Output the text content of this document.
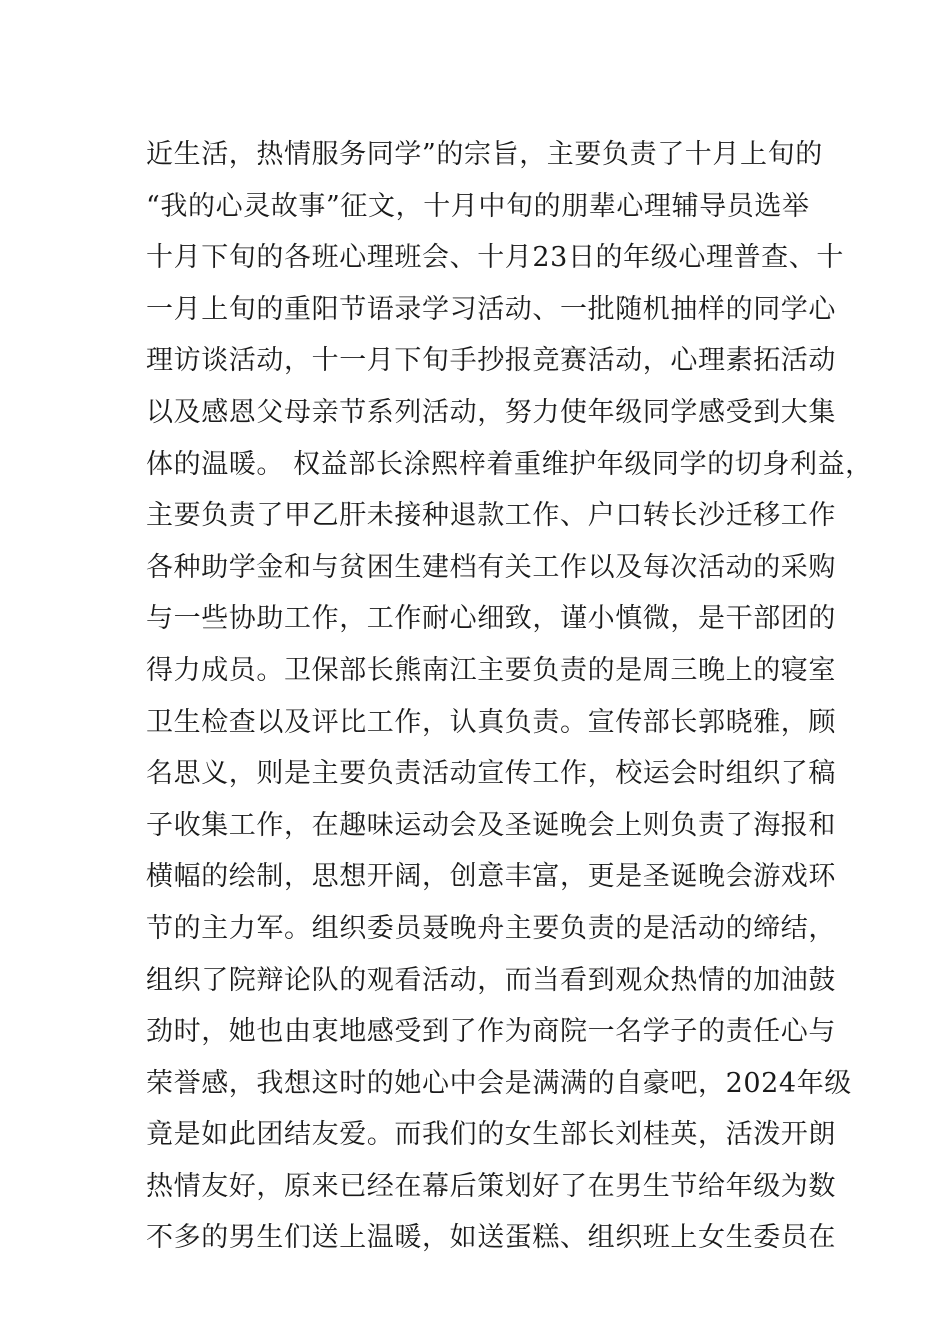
近生活，热情服务同学”的宗旨，主要负责了十月上旬的
“我的心灵故事”征文，十月中旬的朋辈心理辅导员选举
十月下旬的各班心理班会、十月23日的年级心理普查、十
一月上旬的重阳节语录学习活动、一批随机抽样的同学心
理访谈活动，十一月下旬手抄报竞赛活动，心理素拓活动
以及感恩父母亲节系列活动，努力使年级同学感受到大集
体的温暖。 权益部长涂熙梓着重维护年级同学的切身利益，
主要负责了甲乙肝未接种退款工作、户口转长沙迁移工作
各种助学金和与贫困生建档有关工作以及每次活动的采购
与一些协助工作，工作耐心细致，谨小慎微，是干部团的
得力成员。卫保部长熊南江主要负责的是周三晚上的寝室
卫生检查以及评比工作，认真负责。宣传部长郭晓雅，顾
名思义，则是主要负责活动宣传工作，校运会时组织了稿
子收集工作，在趣味运动会及圣诞晚会上则负责了海报和
横幅的绘制，思想开阔，创意丰富，更是圣诞晚会游戏环
节的主力军。组织委员聂晚舟主要负责的是活动的缔结，
组织了院辩论队的观看活动，而当看到观众热情的加油鼓
劲时，她也由衷地感受到了作为商院一名学子的责任心与
荣誉感，我想这时的她心中会是满满的自豪吧，2024年级
竟是如此团结友爱。而我们的女生部长刘桂英，活泼开朗
热情友好，原来已经在幕后策划好了在男生节给年级为数
不多的男生们送上温暖，如送蛋糕、组织班上女生委员在
